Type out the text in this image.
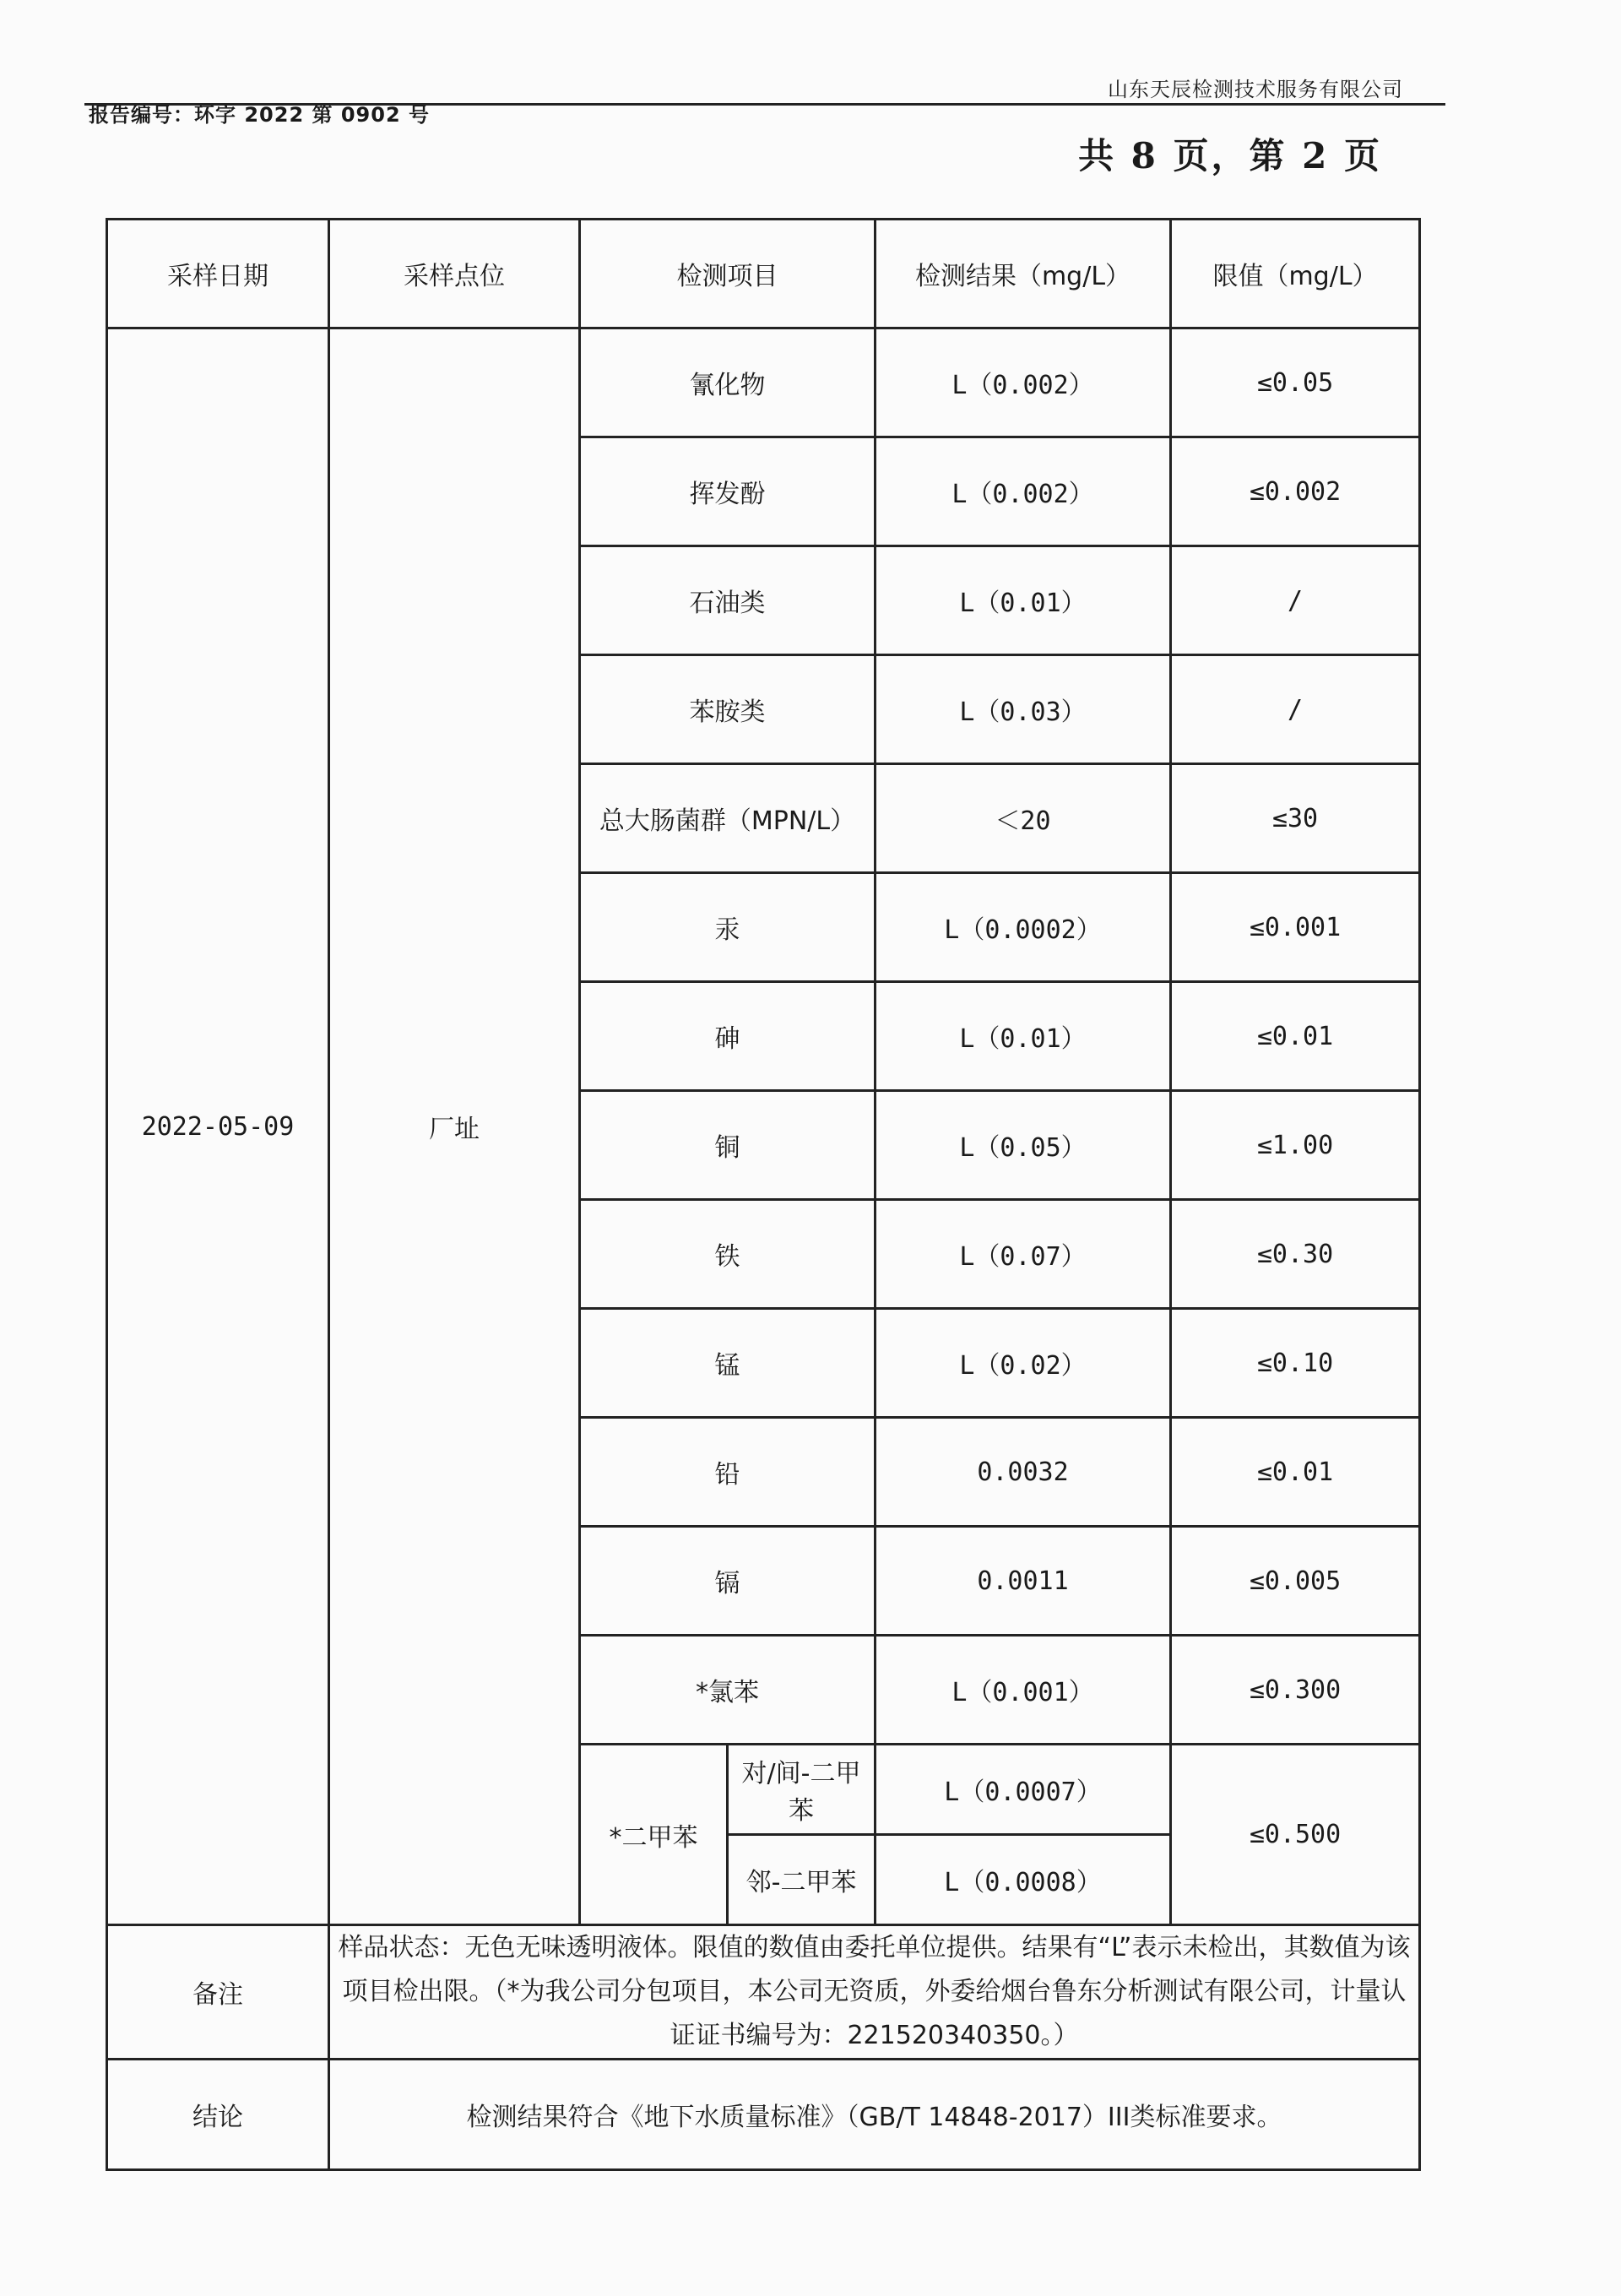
报告编号：环字 2022 第 0902 号
山东天辰检测技术服务有限公司
共 8 页，第 2 页
采样日期	采样点位	检测项目		检测结果（mg/L）	限值（mg/L）
2022-05-09	厂址	氰化物		L（0.002）	≤0.05
		挥发酚		L（0.002）	≤0.002
		石油类		L（0.01）	/
		苯胺类		L（0.03）	/
		总大肠菌群（MPN/L）		＜20	≤30
		汞		L（0.0002）	≤0.001
		砷		L（0.01）	≤0.01
		铜		L（0.05）	≤1.00
		铁		L（0.07）	≤0.30
		锰		L（0.02）	≤0.10
		铅		0.0032	≤0.01
		镉		0.0011	≤0.005
		*氯苯		L（0.001）	≤0.300
		*二甲苯	对/间-二甲苯	L（0.0007）	≤0.500
			邻-二甲苯	L（0.0008）	
备注	样品状态：无色无味透明液体。限值的数值由委托单位提供。结果有“L”表示未检出，其数值为该项目检出限。（*为我公司分包项目，本公司无资质，外委给烟台鲁东分析测试有限公司，计量认证证书编号为：221520340350。）				
结论	检测结果符合《地下水质量标准》（GB/T 14848-2017）III类标准要求。				
